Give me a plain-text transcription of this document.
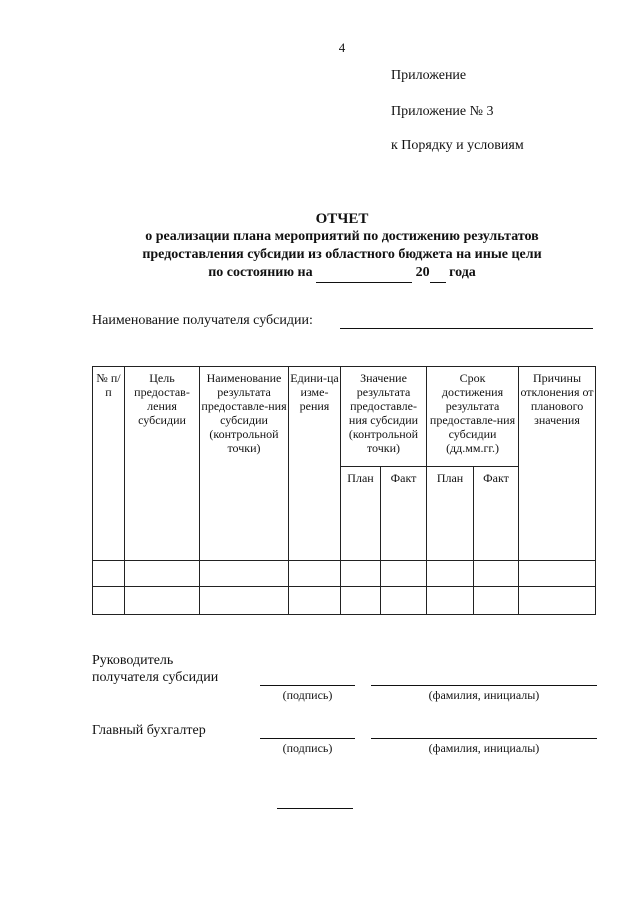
4
Приложение
Приложение № 3
к Порядку и условиям
ОТЧЕТ
о реализации плана мероприятий по достижению результатов
предоставления субсидии из областного бюджета на иные цели
по состоянию на	20 года
Наименование получателя субсидии:
№ п/п	Цель предостав-ления субсидии	Наименование результата предоставле-ния субсидии (контрольной точки)	Едини-ца изме-рения	Значение результата предоставле-ния субсидии (контрольной точки)		Срок достижения результата предоставле-ния субсидии (дд.мм.гг.)		Причины отклонения от планового значения
				План	Факт	План	Факт	

Руководитель
получателя субсидии
(подпись)	(фамилия, инициалы)
Главный бухгалтер
(подпись)	(фамилия, инициалы)
